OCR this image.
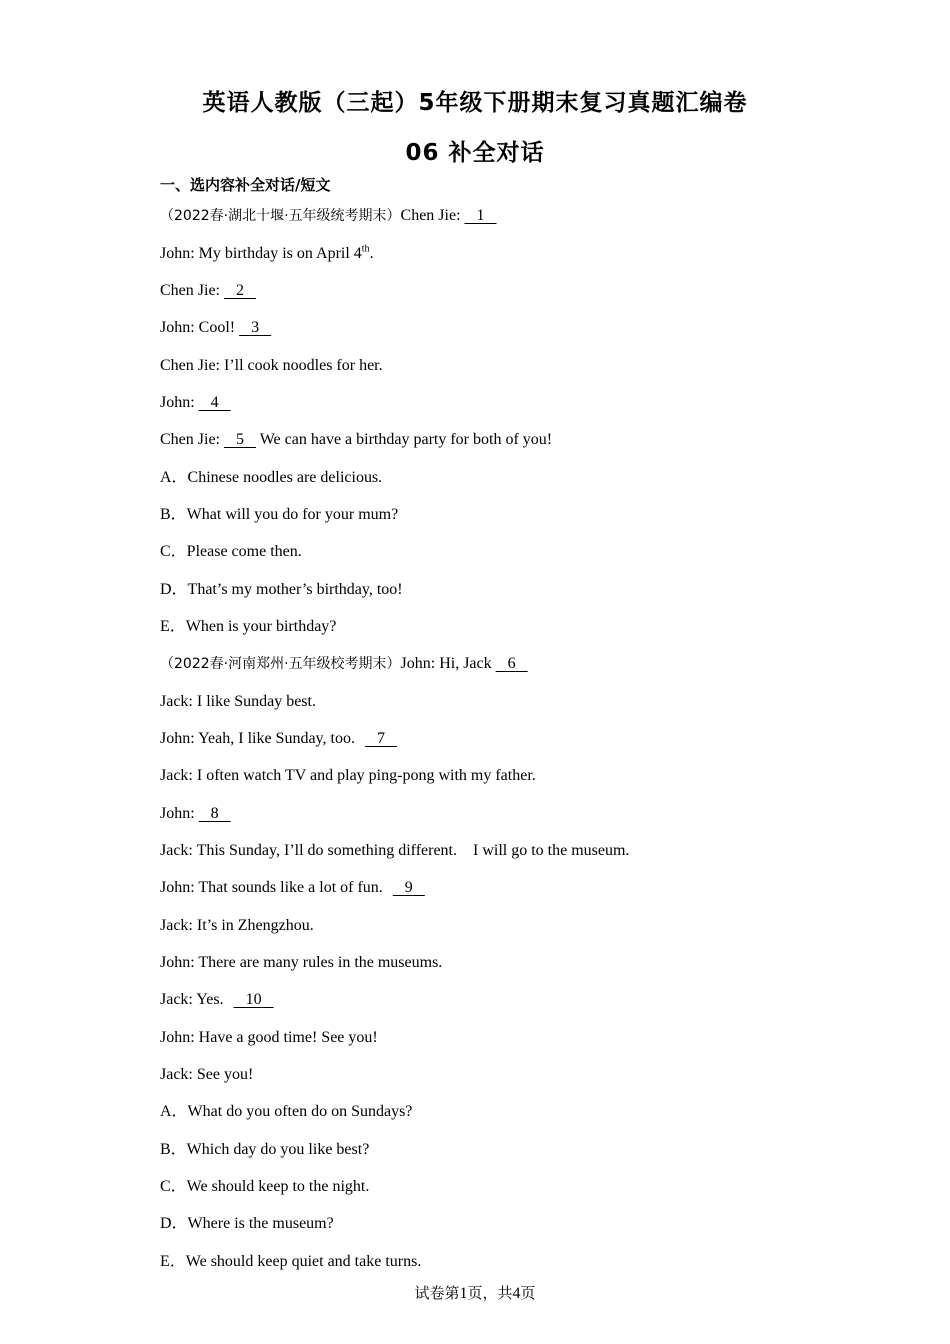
英语人教版（三起）5年级下册期末复习真题汇编卷
06 补全对话
一、选内容补全对话/短文
（2022春·湖北十堰·五年级统考期末）Chen Jie:    1
John: My birthday is on April 4th.
Chen Jie:    2
John: Cool!    3
Chen Jie: I’ll cook noodles for her.
John:    4
Chen Jie:    5    We can have a birthday party for both of you!
A．Chinese noodles are delicious.
B．What will you do for your mum?
C．Please come then.
D．That’s my mother’s birthday, too!
E．When is your birthday?
（2022春·河南郑州·五年级校考期末）John: Hi, Jack    6
Jack: I like Sunday best.
John: Yeah, I like Sunday, too. 7
Jack: I often watch TV and play ping-pong with my father.
John:    8
Jack: This Sunday, I’ll do something different.　I will go to the museum.
John: That sounds like a lot of fun. 9
Jack: It’s in Zhengzhou.
John: There are many rules in the museums.
Jack: Yes. 10
John: Have a good time! See you!
Jack: See you!
A．What do you often do on Sundays?
B．Which day do you like best?
C．We should keep to the night.
D．Where is the museum?
E．We should keep quiet and take turns.
试卷第1页，共4页
